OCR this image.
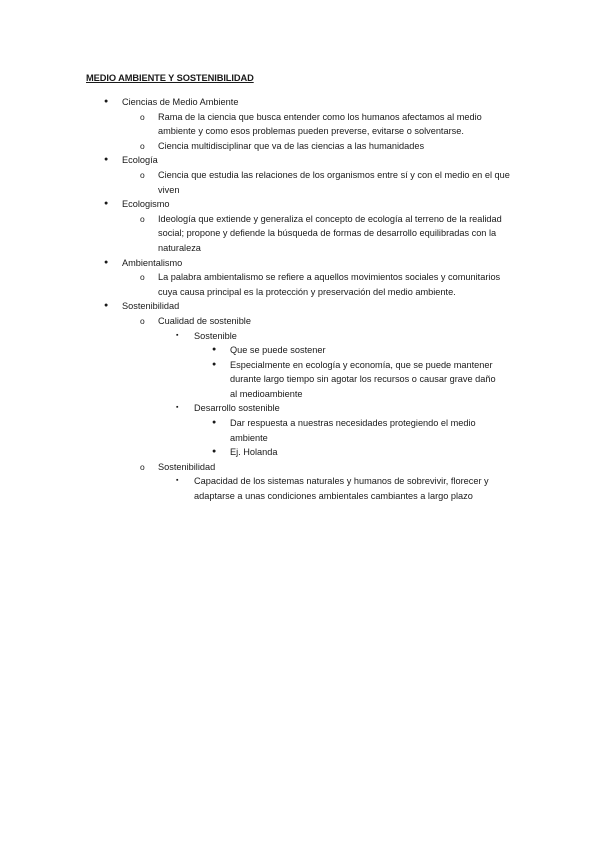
MEDIO AMBIENTE Y SOSTENIBILIDAD
● Ciencias de Medio Ambiente
o Rama de la ciencia que busca entender como los humanos afectamos al medio ambiente y como esos problemas pueden preverse, evitarse o solventarse.
o Ciencia multidisciplinar que va de las ciencias a las humanidades
● Ecología
o Ciencia que estudia las relaciones de los organismos entre sí y con el medio en el que viven
● Ecologismo
o Ideología que extiende y generaliza el concepto de ecología al terreno de la realidad social; propone y defiende la búsqueda de formas de desarrollo equilibradas con la naturaleza
● Ambientalismo
o La palabra ambientalismo se refiere a aquellos movimientos sociales y comunitarios cuya causa principal es la protección y preservación del medio ambiente.
● Sostenibilidad
o Cualidad de sostenible
▪ Sostenible
● Que se puede sostener
● Especialmente en ecología y economía, que se puede mantener durante largo tiempo sin agotar los recursos o causar grave daño al medioambiente
▪ Desarrollo sostenible
● Dar respuesta a nuestras necesidades protegiendo el medio ambiente
● Ej. Holanda
o Sostenibilidad
▪ Capacidad de los sistemas naturales y humanos de sobrevivir, florecer y adaptarse a unas condiciones ambientales cambiantes a largo plazo
